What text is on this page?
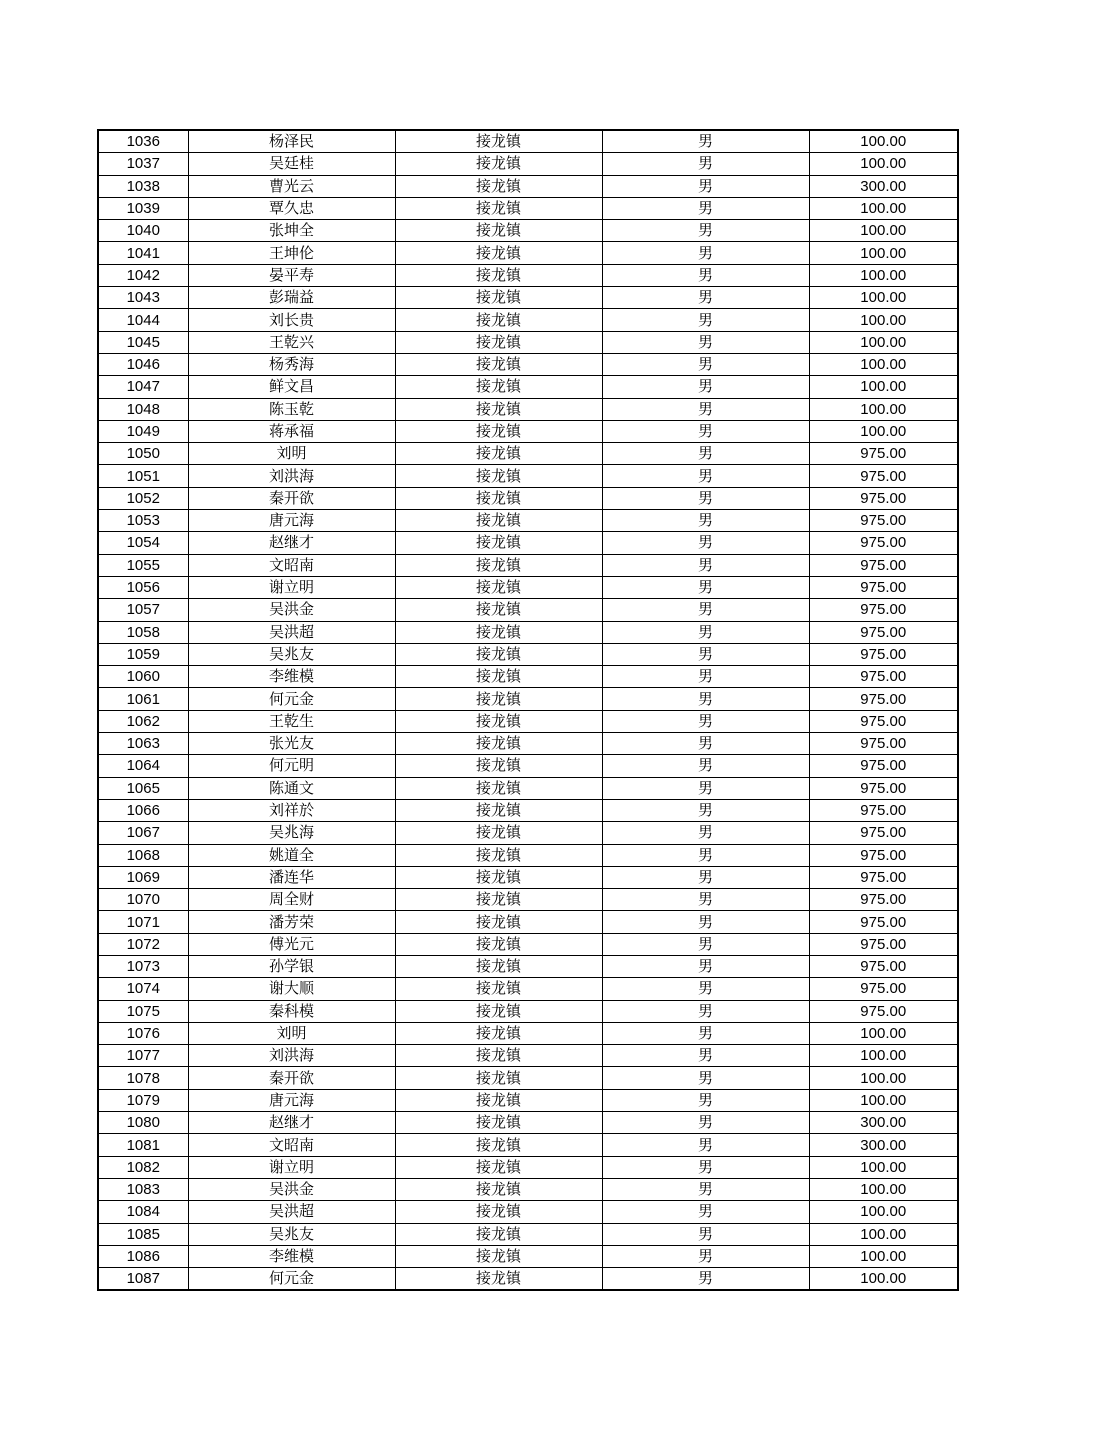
1036	杨泽民	接龙镇	男	100.00
1037	吴廷桂	接龙镇	男	100.00
1038	曹光云	接龙镇	男	300.00
1039	覃久忠	接龙镇	男	100.00
1040	张坤全	接龙镇	男	100.00
1041	王坤伦	接龙镇	男	100.00
1042	晏平寿	接龙镇	男	100.00
1043	彭瑞益	接龙镇	男	100.00
1044	刘长贵	接龙镇	男	100.00
1045	王乾兴	接龙镇	男	100.00
1046	杨秀海	接龙镇	男	100.00
1047	鲜文昌	接龙镇	男	100.00
1048	陈玉乾	接龙镇	男	100.00
1049	蒋承福	接龙镇	男	100.00
1050	刘明	接龙镇	男	975.00
1051	刘洪海	接龙镇	男	975.00
1052	秦开欲	接龙镇	男	975.00
1053	唐元海	接龙镇	男	975.00
1054	赵继才	接龙镇	男	975.00
1055	文昭南	接龙镇	男	975.00
1056	谢立明	接龙镇	男	975.00
1057	吴洪金	接龙镇	男	975.00
1058	吴洪超	接龙镇	男	975.00
1059	吴兆友	接龙镇	男	975.00
1060	李维模	接龙镇	男	975.00
1061	何元金	接龙镇	男	975.00
1062	王乾生	接龙镇	男	975.00
1063	张光友	接龙镇	男	975.00
1064	何元明	接龙镇	男	975.00
1065	陈通文	接龙镇	男	975.00
1066	刘祥於	接龙镇	男	975.00
1067	吴兆海	接龙镇	男	975.00
1068	姚道全	接龙镇	男	975.00
1069	潘连华	接龙镇	男	975.00
1070	周全财	接龙镇	男	975.00
1071	潘芳荣	接龙镇	男	975.00
1072	傅光元	接龙镇	男	975.00
1073	孙学银	接龙镇	男	975.00
1074	谢大顺	接龙镇	男	975.00
1075	秦科模	接龙镇	男	975.00
1076	刘明	接龙镇	男	100.00
1077	刘洪海	接龙镇	男	100.00
1078	秦开欲	接龙镇	男	100.00
1079	唐元海	接龙镇	男	100.00
1080	赵继才	接龙镇	男	300.00
1081	文昭南	接龙镇	男	300.00
1082	谢立明	接龙镇	男	100.00
1083	吴洪金	接龙镇	男	100.00
1084	吴洪超	接龙镇	男	100.00
1085	吴兆友	接龙镇	男	100.00
1086	李维模	接龙镇	男	100.00
1087	何元金	接龙镇	男	100.00
